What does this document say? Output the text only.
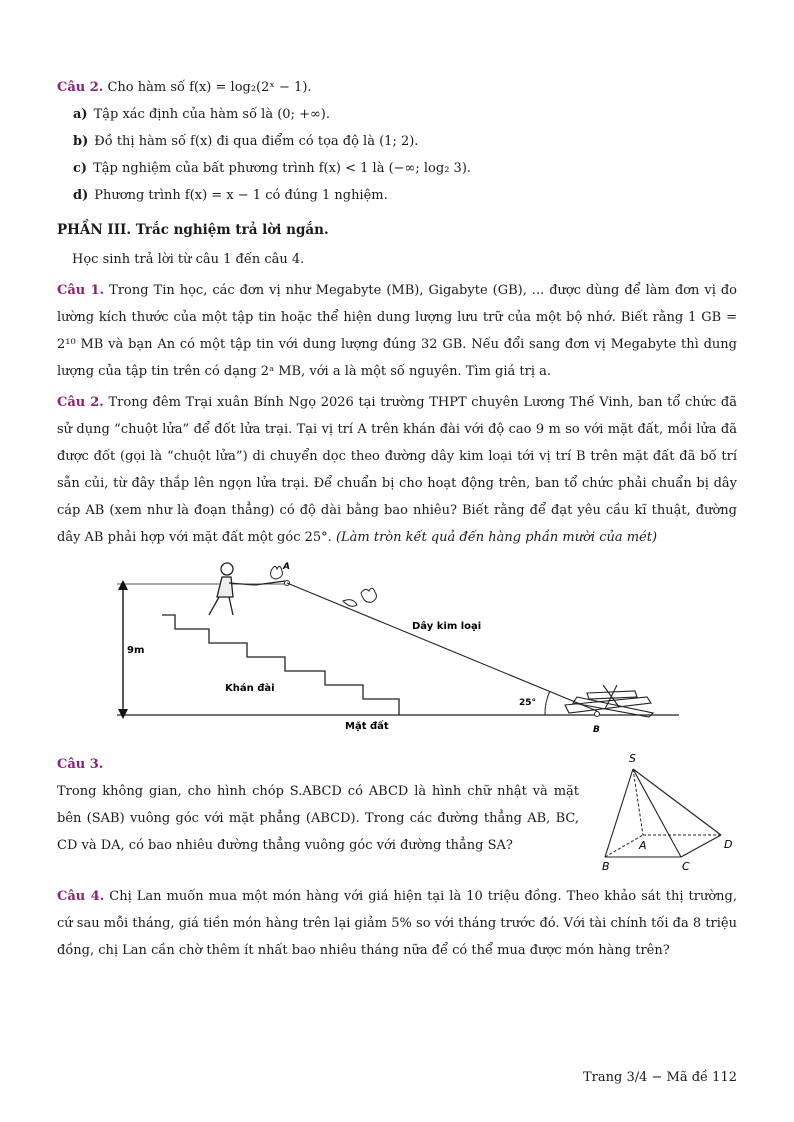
Câu 2. Cho hàm số f(x) = log₂(2ˣ − 1).

a) Tập xác định của hàm số là (0; +∞).

b) Đồ thị hàm số f(x) đi qua điểm có tọa độ là (1; 2).

c) Tập nghiệm của bất phương trình f(x) < 1 là (−∞; log₂ 3).

d) Phương trình f(x) = x − 1 có đúng 1 nghiệm.

PHẦN III. Trắc nghiệm trả lời ngắn.

Học sinh trả lời từ câu 1 đến câu 4.

Câu 1. Trong Tin học, các đơn vị như Megabyte (MB), Gigabyte (GB), ... được dùng để làm đơn vị đo lường kích thước của một tập tin hoặc thể hiện dung lượng lưu trữ của một bộ nhớ. Biết rằng 1 GB = 2¹⁰ MB và bạn An có một tập tin với dung lượng đúng 32 GB. Nếu đổi sang đơn vị Megabyte thì dung lượng của tập tin trên có dạng 2ᵃ MB, với a là một số nguyên. Tìm giá trị a.

Câu 2. Trong đêm Trại xuân Bính Ngọ 2026 tại trường THPT chuyên Lương Thế Vinh, ban tổ chức đã sử dụng “chuột lửa” để đốt lửa trại. Tại vị trí A trên khán đài với độ cao 9 m so với mặt đất, mồi lửa đã được đốt (gọi là “chuột lửa”) di chuyển dọc theo đường dây kim loại tới vị trí B trên mặt đất đã bố trí sẵn củi, từ đây thắp lên ngọn lửa trại. Để chuẩn bị cho hoạt động trên, ban tổ chức phải chuẩn bị dây cáp AB (xem như là đoạn thẳng) có độ dài bằng bao nhiêu? Biết rằng để đạt yêu cầu kĩ thuật, đường dây AB phải hợp với mặt đất một góc 25°. (Làm tròn kết quả đến hàng phần mười của mét)

9m
Khán đài
Mặt đất
A
Dây kim loại
25°
B

Câu 3.

Trong không gian, cho hình chóp S.ABCD có ABCD là hình chữ nhật và mặt bên (SAB) vuông góc với mặt phẳng (ABCD). Trong các đường thẳng AB, BC, CD và DA, có bao nhiêu đường thẳng vuông góc với đường thẳng SA?

S
A
B	C
D

Câu 4. Chị Lan muốn mua một món hàng với giá hiện tại là 10 triệu đồng. Theo khảo sát thị trường, cứ sau mỗi tháng, giá tiền món hàng trên lại giảm 5% so với tháng trước đó. Với tài chính tối đa 8 triệu đồng, chị Lan cần chờ thêm ít nhất bao nhiêu tháng nữa để có thể mua được món hàng trên?

Trang 3/4 − Mã đề 112
